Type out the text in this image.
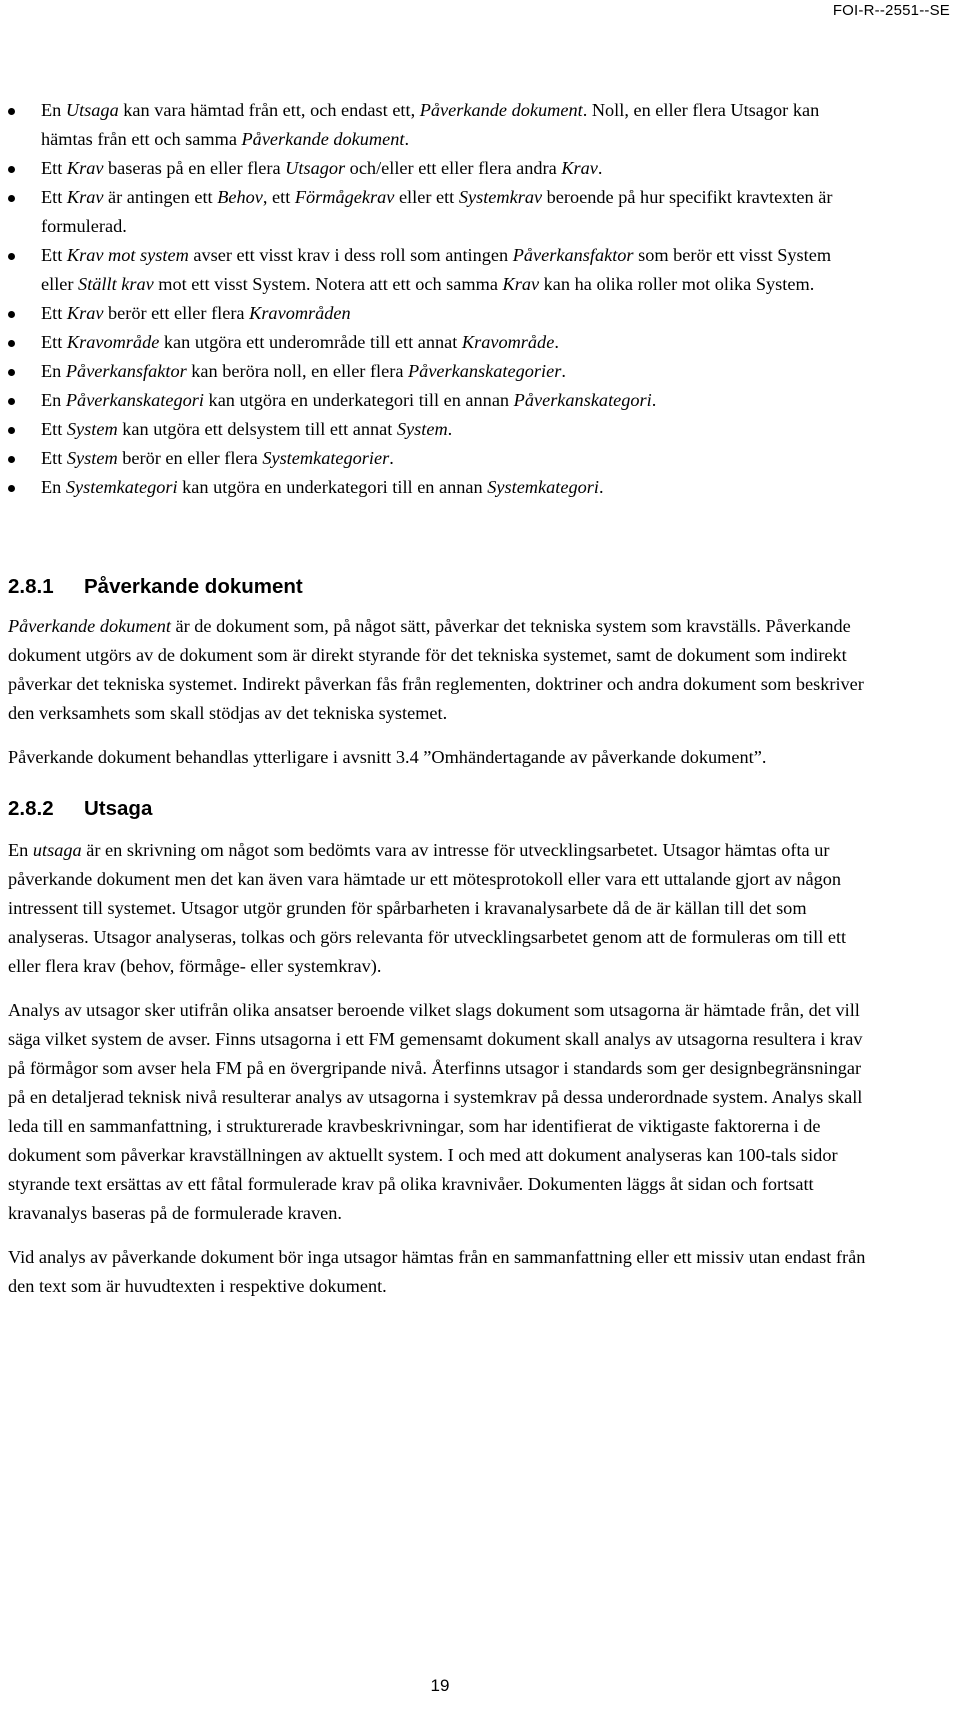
FOI-R--2551--SE
En Utsaga kan vara hämtad från ett, och endast ett, Påverkande dokument. Noll, en eller flera Utsagor kan hämtas från ett och samma Påverkande dokument.
Ett Krav baseras på en eller flera Utsagor och/eller ett eller flera andra Krav.
Ett Krav är antingen ett Behov, ett Förmågekrav eller ett Systemkrav beroende på hur specifikt kravtexten är formulerad.
Ett Krav mot system avser ett visst krav i dess roll som antingen Påverkansfaktor som berör ett visst System eller Ställt krav mot ett visst System. Notera att ett och samma Krav kan ha olika roller mot olika System.
Ett Krav berör ett eller flera Kravområden
Ett Kravområde kan utgöra ett underområde till ett annat Kravområde.
En Påverkansfaktor kan beröra noll, en eller flera Påverkanskategorier.
En Påverkanskategori kan utgöra en underkategori till en annan Påverkanskategori.
Ett System kan utgöra ett delsystem till ett annat System.
Ett System berör en eller flera Systemkategorier.
En Systemkategori kan utgöra en underkategori till en annan Systemkategori.
2.8.1	Påverkande dokument

Påverkande dokument är de dokument som, på något sätt, påverkar det tekniska system som kravställs. Påverkande dokument utgörs av de dokument som är direkt styrande för det tekniska systemet, samt de dokument som indirekt påverkar det tekniska systemet. Indirekt påverkan fås från reglementen, doktriner och andra dokument som beskriver den verksamhets som skall stödjas av det tekniska systemet.

Påverkande dokument behandlas ytterligare i avsnitt 3.4 ”Omhändertagande av påverkande dokument”.

2.8.2	Utsaga

En utsaga är en skrivning om något som bedömts vara av intresse för utvecklingsarbetet. Utsagor hämtas ofta ur påverkande dokument men det kan även vara hämtade ur ett mötesprotokoll eller vara ett uttalande gjort av någon intressent till systemet. Utsagor utgör grunden för spårbarheten i kravanalysarbete då de är källan till det som analyseras. Utsagor analyseras, tolkas och görs relevanta för utvecklingsarbetet genom att de formuleras om till ett eller flera krav (behov, förmåge- eller systemkrav).

Analys av utsagor sker utifrån olika ansatser beroende vilket slags dokument som utsagorna är hämtade från, det vill säga vilket system de avser. Finns utsagorna i ett FM gemensamt dokument skall analys av utsagorna resultera i krav på förmågor som avser hela FM på en övergripande nivå. Återfinns utsagor i standards som ger designbegränsningar på en detaljerad teknisk nivå resulterar analys av utsagorna i systemkrav på dessa underordnade system. Analys skall leda till en sammanfattning, i strukturerade kravbeskrivningar, som har identifierat de viktigaste faktorerna i de dokument som påverkar kravställningen av aktuellt system. I och med att dokument analyseras kan 100-tals sidor styrande text ersättas av ett fåtal formulerade krav på olika kravnivåer. Dokumenten läggs åt sidan och fortsatt kravanalys baseras på de formulerade kraven.

Vid analys av påverkande dokument bör inga utsagor hämtas från en sammanfattning eller ett missiv utan endast från den text som är huvudtexten i respektive dokument.

19
